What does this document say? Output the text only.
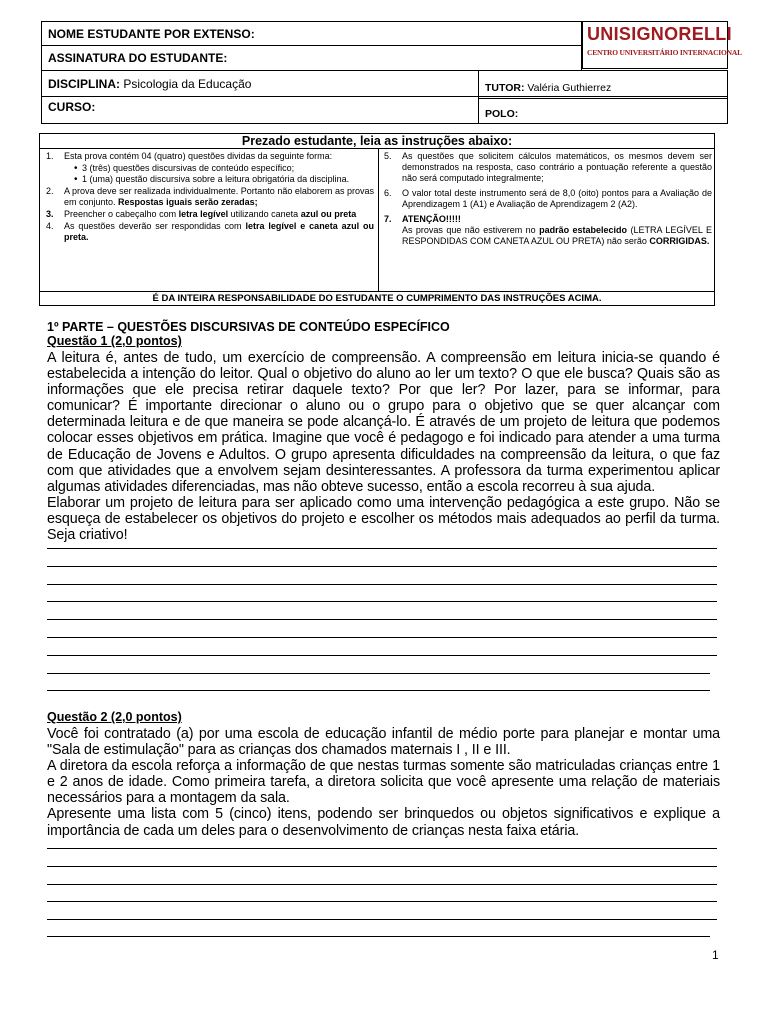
NOME ESTUDANTE POR EXTENSO:
ASSINATURA DO ESTUDANTE:
DISCIPLINA:
Psicologia da Educação
CURSO:
TUTOR: Valéria Guthierrez
POLO:
UNISIGNORELLI
CENTRO UNIVERSITÁRIO INTERNACIONAL
Prezado estudante, leia as instruções abaixo:
1. Esta prova contém 04 (quatro) questões dividas da seguinte forma:
• 3 (três) questões discursivas de conteúdo específico;
• 1 (uma) questão discursiva sobre a leitura obrigatória da disciplina.
2. A prova deve ser realizada individualmente. Portanto não elaborem as provas em conjunto. Respostas iguais serão zeradas;
3. Preencher o cabeçalho com letra legível utilizando caneta azul ou preta
4. As questões deverão ser respondidas com letra legível e caneta azul ou preta.
5. As questões que solicitem cálculos matemáticos, os mesmos devem ser demonstrados na resposta, caso contrário a pontuação referente a questão não será computado integralmente;
6. O valor total deste instrumento será de 8,0 (oito) pontos para a Avaliação de Aprendizagem 1 (A1) e Avaliação de Aprendizagem 2 (A2).
7. ATENÇÃO!!!!!
As provas que não estiverem no padrão estabelecido (LETRA LEGÍVEL E RESPONDIDAS COM CANETA AZUL OU PRETA) não serão CORRIGIDAS.
É DA INTEIRA RESPONSABILIDADE DO ESTUDANTE O CUMPRIMENTO DAS INSTRUÇÕES ACIMA.
1º PARTE – QUESTÕES DISCURSIVAS DE CONTEÚDO ESPECÍFICO
Questão 1 (2,0 pontos)
A leitura é, antes de tudo, um exercício de compreensão. A compreensão em leitura inicia-se quando é estabelecida a intenção do leitor. Qual o objetivo do aluno ao ler um texto? O que ele busca? Quais são as informações que ele precisa retirar daquele texto? Por que ler? Por lazer, para se informar, para comunicar? É importante direcionar o aluno ou o grupo para o objetivo que se quer alcançar com determinada leitura e de que maneira se pode alcançá-lo. É através de um projeto de leitura que podemos colocar esses objetivos em prática. Imagine que você é pedagogo e foi indicado para atender a uma turma de Educação de Jovens e Adultos. O grupo apresenta dificuldades na compreensão da leitura, o que faz com que atividades que a envolvem sejam desinteressantes. A professora da turma experimentou aplicar algumas atividades diferenciadas, mas não obteve sucesso, então a escola recorreu à sua ajuda.
Elaborar um projeto de leitura para ser aplicado como uma intervenção pedagógica a este grupo. Não se esqueça de estabelecer os objetivos do projeto e escolher os métodos mais adequados ao perfil da turma. Seja criativo!
Questão 2 (2,0 pontos)
Você foi contratado (a) por uma escola de educação infantil de médio porte para planejar e montar uma "Sala de estimulação" para as crianças dos chamados maternais I , II e III.
A diretora da escola reforça a informação de que nestas turmas somente são matriculadas crianças entre 1 e 2 anos de idade. Como primeira tarefa, a diretora solicita que você apresente uma relação de materiais necessários para a montagem da sala.
Apresente uma lista com 5 (cinco) itens, podendo ser brinquedos ou objetos significativos e explique a importância de cada um deles para o desenvolvimento de crianças nesta faixa etária.
1
